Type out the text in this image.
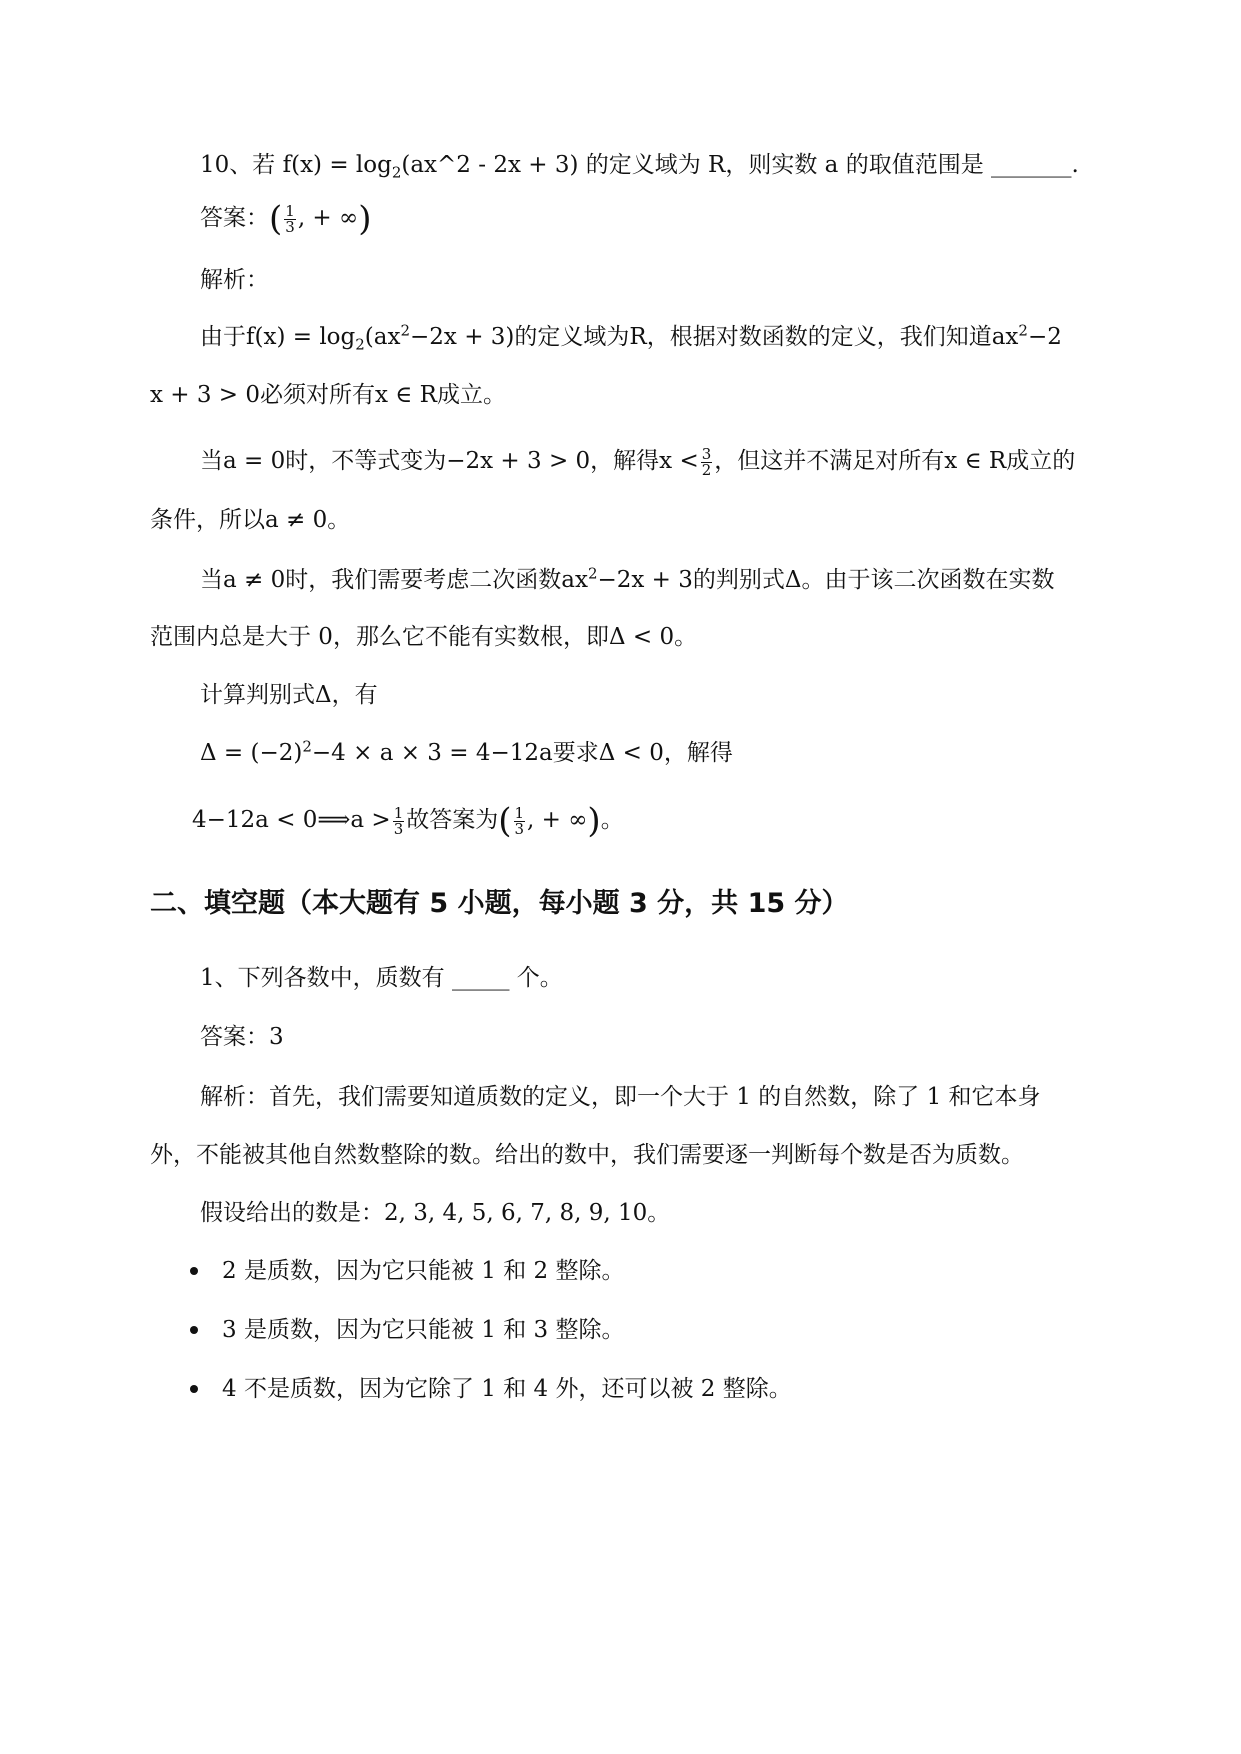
10、若 $f(x) = \log_2(ax\^{}2 - 2x + 3)$ 的定义域为 R，则实数 a 的取值范围是 _______.
答案：( $\frac{1}{3}$ , + ∞)
解析：
由于$f(x) = \log_2(ax^2-2x + 3)$的定义域为R，根据对数函数的定义，我们知道$ax^2-2$
x + 3 > 0必须对所有x ∈ R成立。
当a = 0时，不等式变为−2x + 3 > 0，解得$x < \frac{3}{2}$ ，但这并不满足对所有x ∈ R成立的
条件，所以a ≠ 0。
当a ≠ 0时，我们需要考虑二次函数$ax^2-2x + 3$的判别式Δ。由于该二次函数在实数
范围内总是大于 0，那么它不能有实数根，即Δ < 0。
计算判别式Δ，有
$\Delta = (-2)^2-4 \times a \times 3 = 4-12a$要求Δ < 0，解得
4−12a < 0⟹a > $\frac{1}{3}$ 故答案为( $\frac{1}{3}$ , + ∞)。
二、填空题（本大题有 5 小题，每小题 3 分，共 15 分）
1、下列各数中，质数有 _____ 个。
答案：3
解析：首先，我们需要知道质数的定义，即一个大于 1 的自然数，除了 1 和它本身
外，不能被其他自然数整除的数。给出的数中，我们需要逐一判断每个数是否为质数。
假设给出的数是：2, 3, 4, 5, 6, 7, 8, 9, 10。
2 是质数，因为它只能被 1 和 2 整除。
3 是质数，因为它只能被 1 和 3 整除。
4 不是质数，因为它除了 1 和 4 外，还可以被 2 整除。
